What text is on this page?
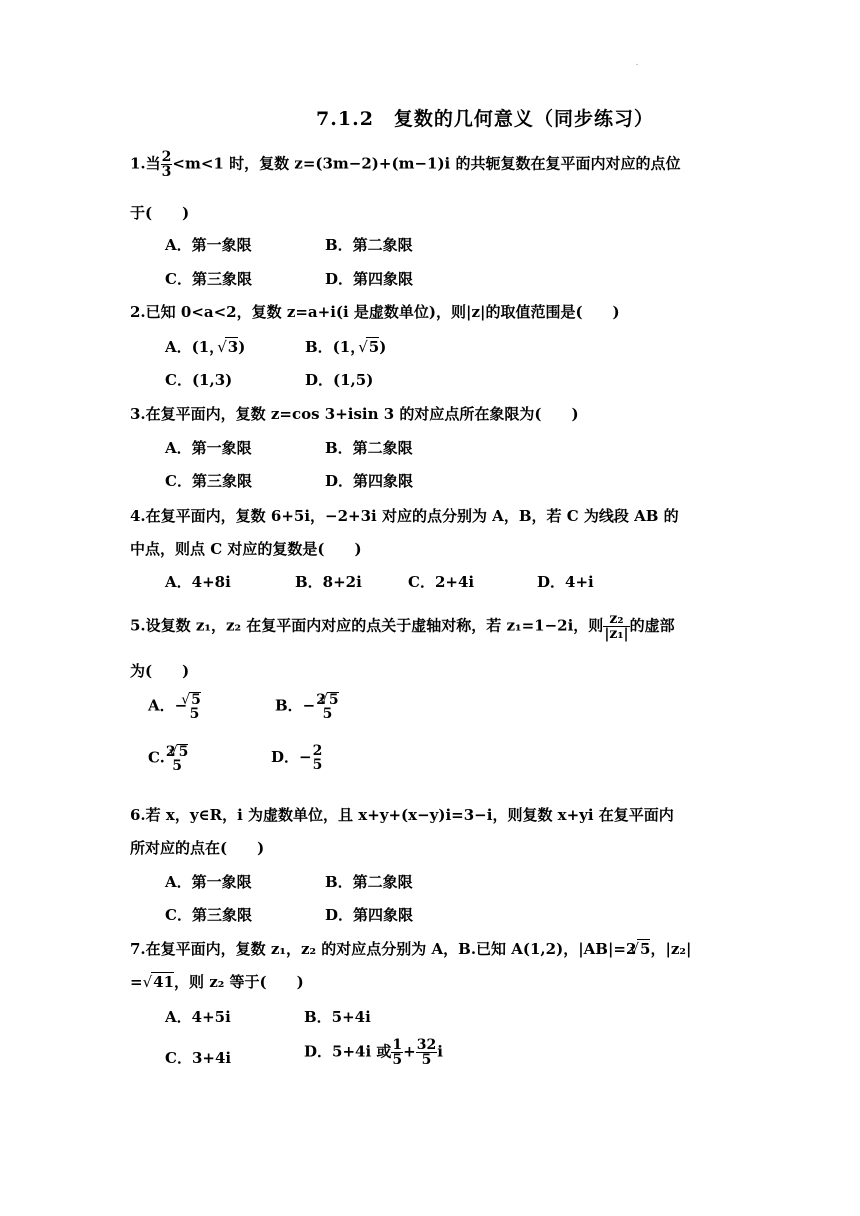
.
7.1.2　复数的几何意义（同步练习）
1.当 $\frac{2}{3} <m<1$ 时，复数 z=(3m−2)+(m−1)i 的共轭复数在复平面内对应的点位
于(　　)
A．第一象限	B．第二象限
C．第三象限	D．第四象限
2.已知 0<a<2，复数 z=a+i(i 是虚数单位)，则|z|的取值范围是(　　)
A．(1， √ 3)	B．(1， √ 5)
C．(1,3)	D．(1,5)
3.在复平面内，复数 z=cos 3+isin 3 的对应点所在象限为(　　)
A．第一象限	B．第二象限
C．第三象限	D．第四象限
4.在复平面内，复数 6+5i，−2+3i 对应的点分别为 A，B，若 C 为线段 AB 的
中点，则点 C 对应的复数是(　　)
A．4+8i	B．8+2i	C．2+4i	D．4+i
5.设复数 z₁，z₂ 在复平面内对应的点关于虚轴对称，若 z₁=1−2i，则 $\frac{\text{z₂}}{\text{|z₁|}}$ 的虚部
为(　　)
A．− √ 5
5	B．− 2 √ 5
5
C. 2 √ 5
5	D．− 2
5
6.若 x，y∈R，i 为虚数单位，且 x+y+(x−y)i=3−i，则复数 x+yi 在复平面内
所对应的点在(　　)
A．第一象限	B．第二象限
C．第三象限	D．第四象限
7.在复平面内，复数 z₁，z₂ 的对应点分别为 A，B.已知 A(1,2)，|AB|=2 √ 5，|z₂|
= √ 41，则 z₂ 等于(　　)
A．4+5i	B．5+4i
C．3+4i	D．5+4i 或 $\frac{1}{5} + \frac{32}{5}$ i
